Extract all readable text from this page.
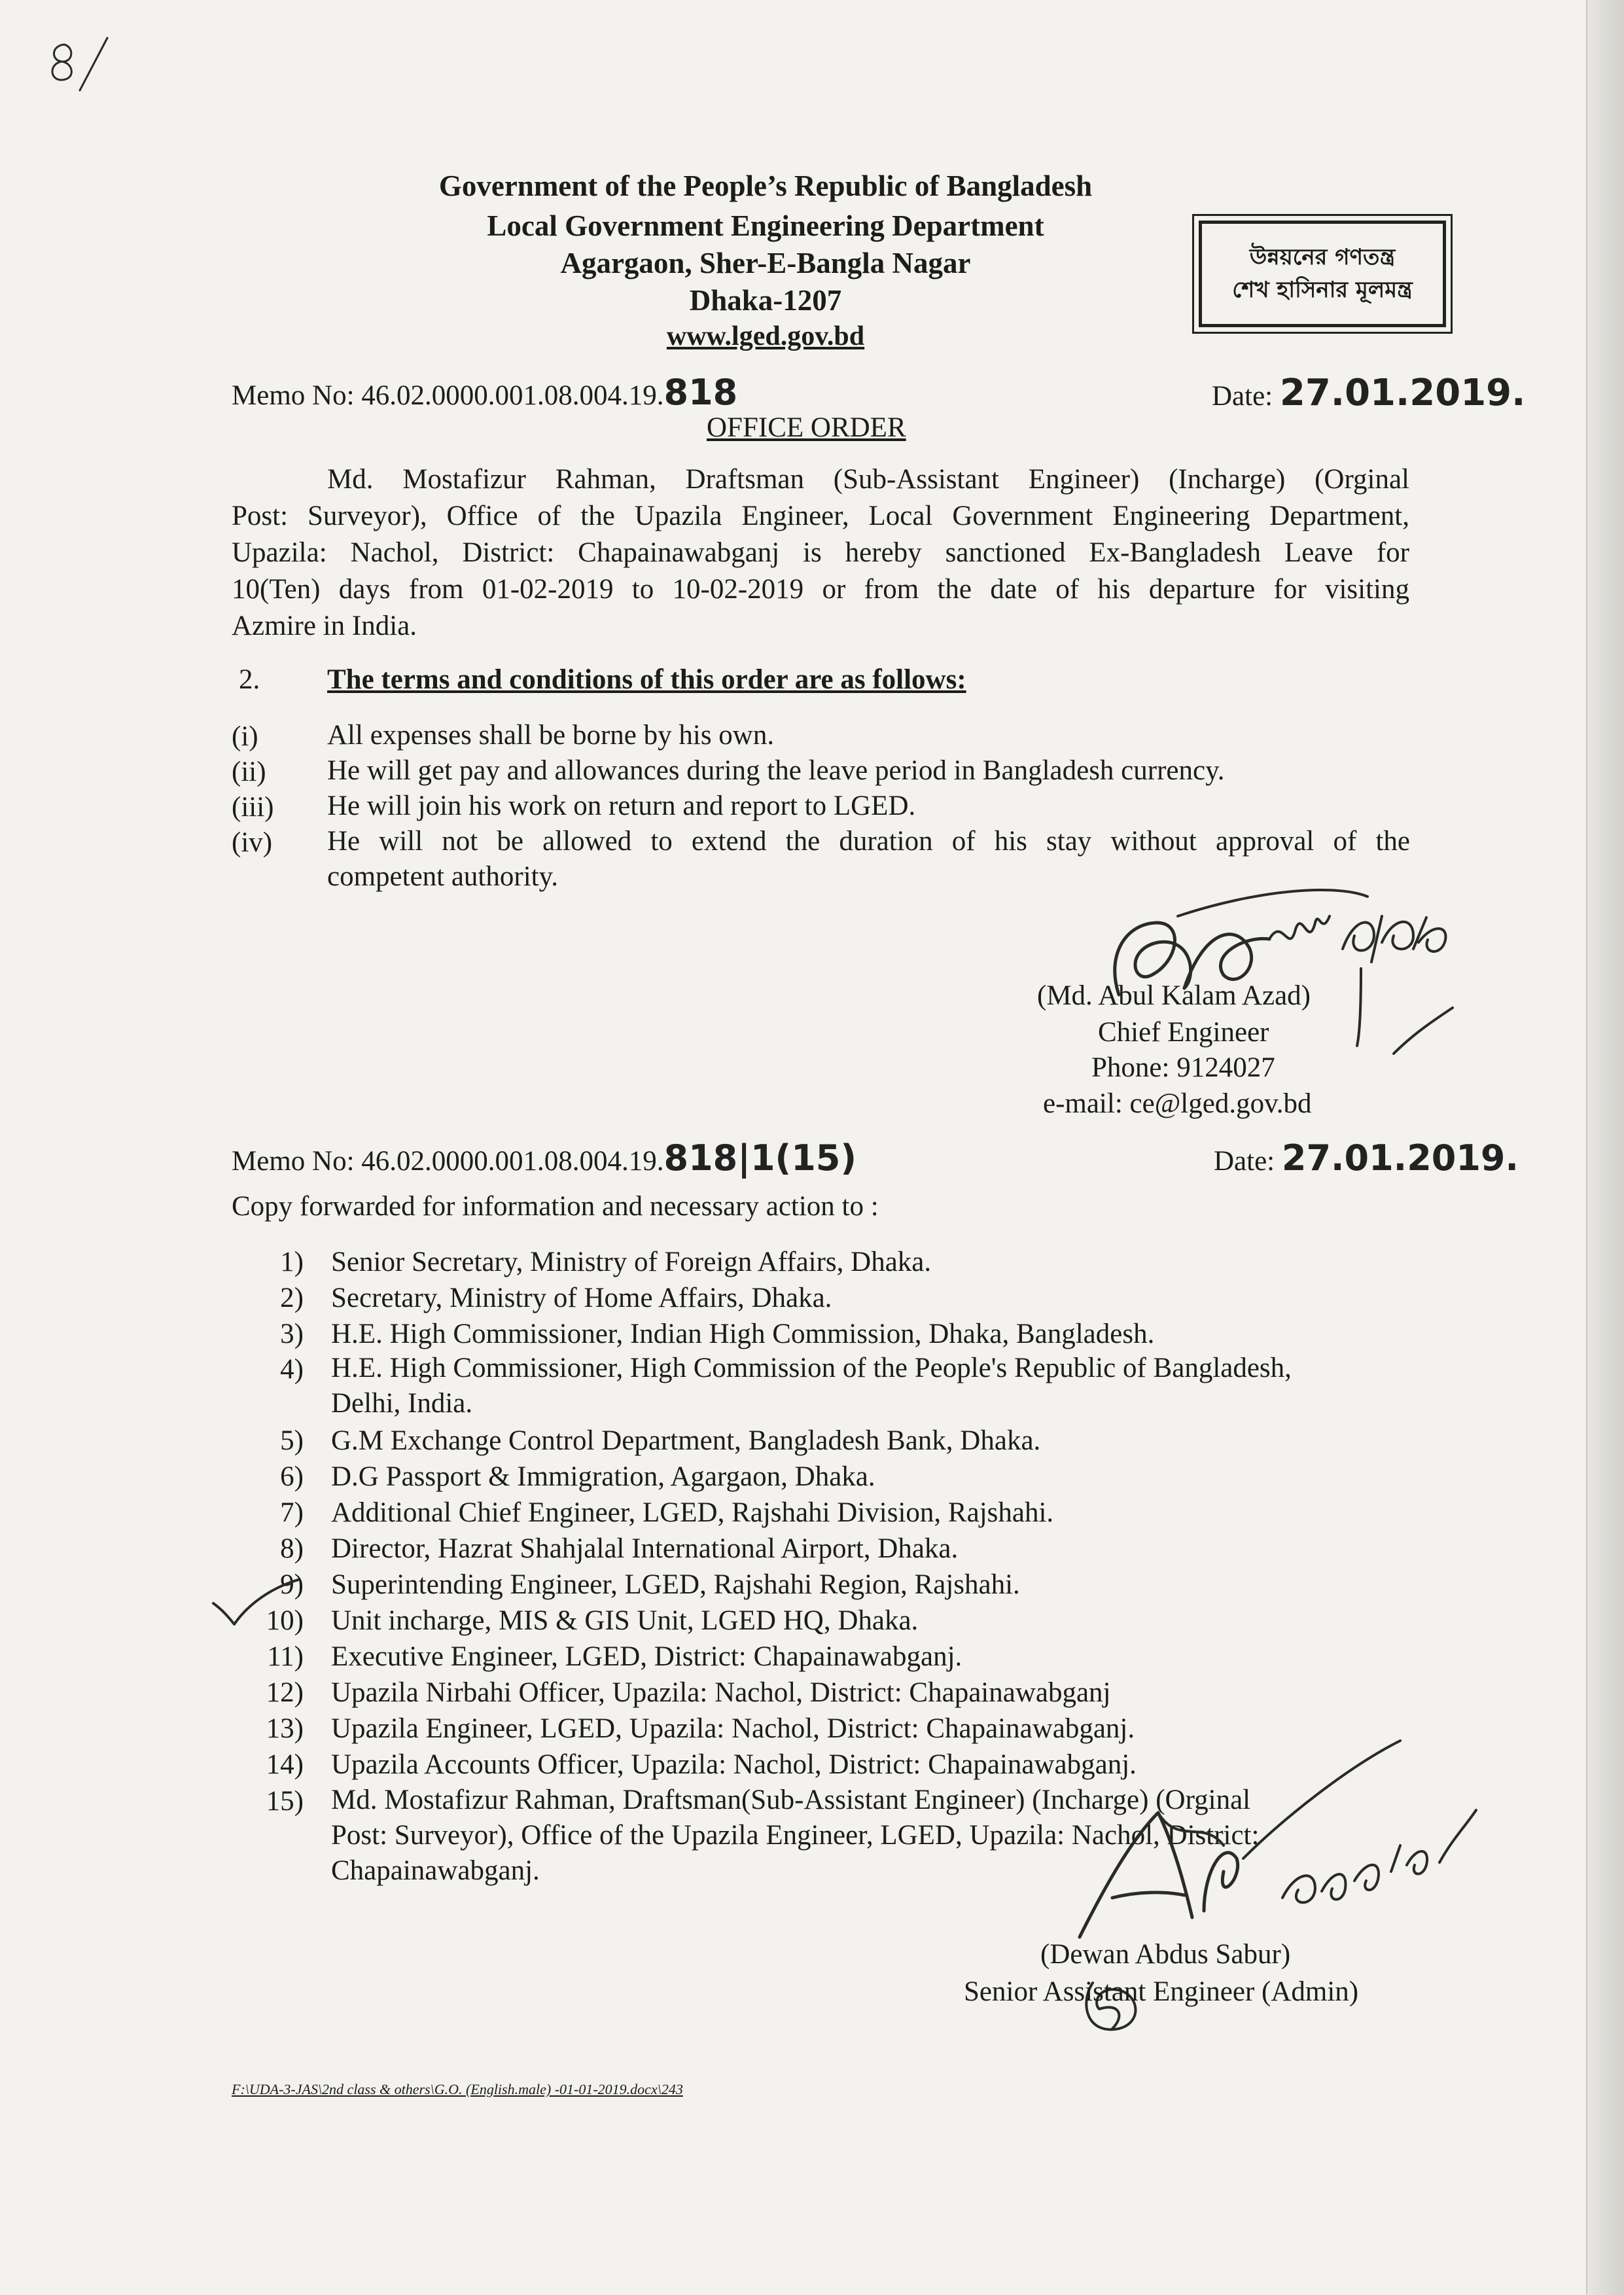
Government of the People’s Republic of Bangladesh
Local Government Engineering Department
Agargaon, Sher-E-Bangla Nagar
Dhaka-1207
www.lged.gov.bd
উন্নয়নের গণতন্ত্র
শেখ হাসিনার মূলমন্ত্র
Memo No: 46.02.0000.001.08.004.19.818	Date: 27.01.2019.
OFFICE ORDER
Md. Mostafizur Rahman, Draftsman (Sub-Assistant Engineer) (Incharge) (Orginal
Post: Surveyor), Office of the Upazila Engineer, Local Government Engineering Department,
Upazila: Nachol, District: Chapainawabganj is hereby sanctioned Ex-Bangladesh Leave for
10(Ten) days from 01-02-2019 to 10-02-2019 or from the date of his departure for visiting
Azmire in India.
2. The terms and conditions of this order are as follows:
(i) All expenses shall be borne by his own.
(ii) He will get pay and allowances during the leave period in Bangladesh currency.
(iii) He will join his work on return and report to LGED.
(iv) He will not be allowed to extend the duration of his stay without approval of the
competent authority.
(Md. Abul Kalam Azad)
Chief Engineer
Phone: 9124027
e-mail: ce@lged.gov.bd
Memo No: 46.02.0000.001.08.004.19.818|1(15)	Date: 27.01.2019.
Copy forwarded for information and necessary action to :
1) Senior Secretary, Ministry of Foreign Affairs, Dhaka.
2) Secretary, Ministry of Home Affairs, Dhaka.
3) H.E. High Commissioner, Indian High Commission, Dhaka, Bangladesh.
4) H.E. High Commissioner, High Commission of the People's Republic of Bangladesh,
Delhi, India.
5) G.M Exchange Control Department, Bangladesh Bank, Dhaka.
6) D.G Passport & Immigration, Agargaon, Dhaka.
7) Additional Chief Engineer, LGED, Rajshahi Division, Rajshahi.
8) Director, Hazrat Shahjalal International Airport, Dhaka.
9) Superintending Engineer, LGED, Rajshahi Region, Rajshahi.
10) Unit incharge, MIS & GIS Unit, LGED HQ, Dhaka.
11) Executive Engineer, LGED, District: Chapainawabganj.
12) Upazila Nirbahi Officer, Upazila: Nachol, District: Chapainawabganj
13) Upazila Engineer, LGED, Upazila: Nachol, District: Chapainawabganj.
14) Upazila Accounts Officer, Upazila: Nachol, District: Chapainawabganj.
15) Md. Mostafizur Rahman, Draftsman(Sub-Assistant Engineer) (Incharge) (Orginal
Post: Surveyor), Office of the Upazila Engineer, LGED, Upazila: Nachol, District:
Chapainawabganj.
(Dewan Abdus Sabur)
Senior Assistant Engineer (Admin)
F:\UDA-3-JAS\2nd class & others\G.O. (English.male) -01-01-2019.docx\243
